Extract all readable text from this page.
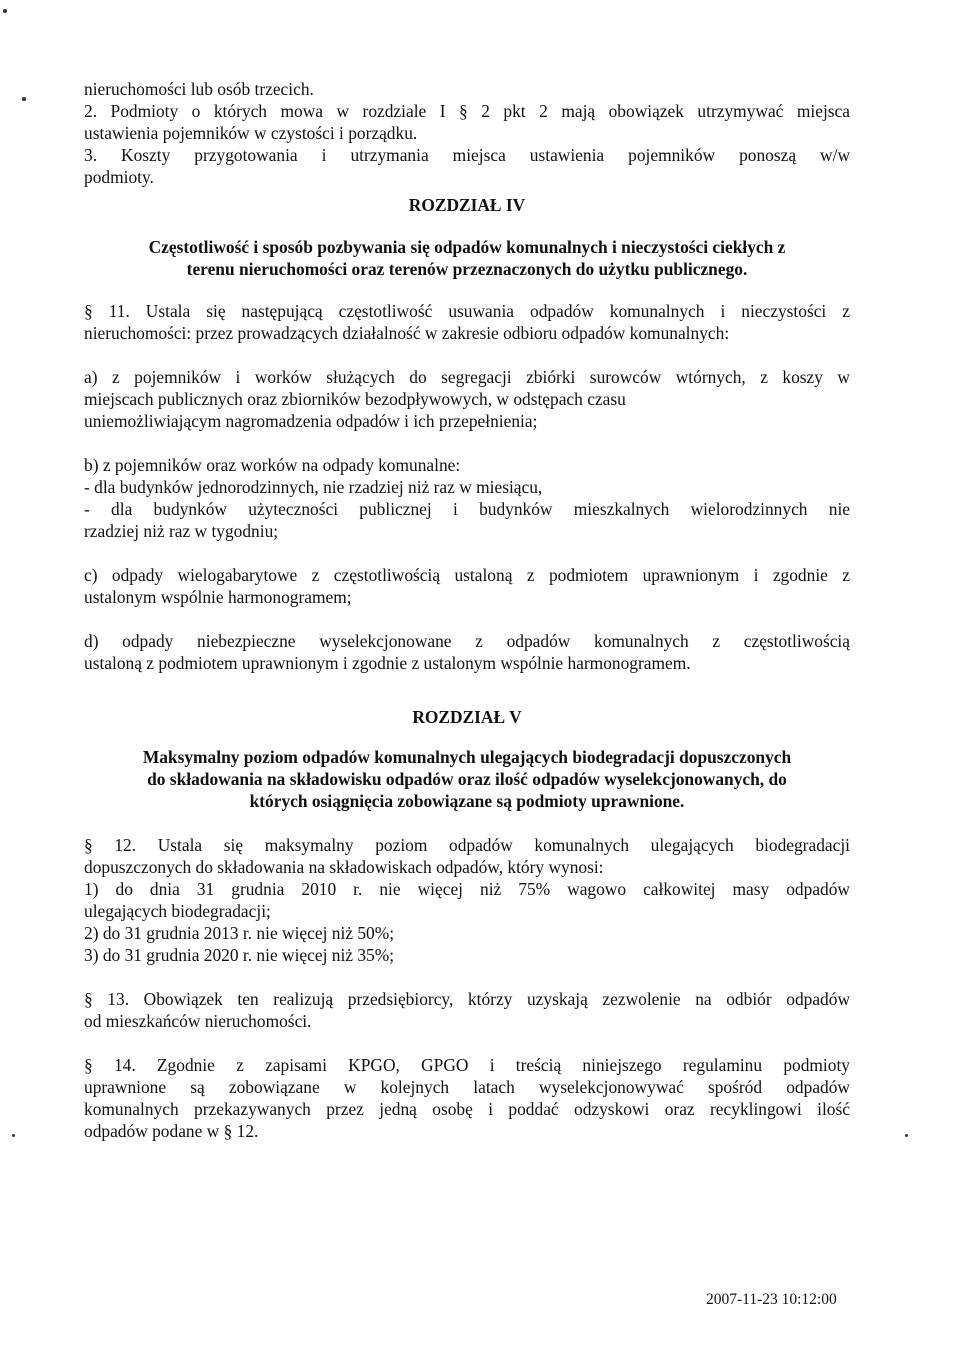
nieruchomości lub osób trzecich.
2. Podmioty o których mowa w rozdziale I § 2 pkt 2 mają obowiązek utrzymywać miejsca
ustawienia pojemników w czystości i porządku.
3. Koszty przygotowania i utrzymania miejsca ustawienia pojemników ponoszą w/w
podmioty.
ROZDZIAŁ IV
Częstotliwość i sposób pozbywania się odpadów komunalnych i nieczystości ciekłych z
terenu nieruchomości oraz terenów przeznaczonych do użytku publicznego.
§ 11. Ustala się następującą częstotliwość usuwania odpadów komunalnych i nieczystości z
nieruchomości: przez prowadzących działalność w zakresie odbioru odpadów komunalnych:
a) z pojemników i worków służących do segregacji zbiórki surowców wtórnych, z koszy w
miejscach publicznych oraz zbiorników bezodpływowych, w odstępach czasu
uniemożliwiającym nagromadzenia odpadów i ich przepełnienia;
b) z pojemników oraz worków na odpady komunalne:
- dla budynków jednorodzinnych, nie rzadziej niż raz w miesiącu,
- dla budynków użyteczności publicznej i budynków mieszkalnych wielorodzinnych nie
rzadziej niż raz w tygodniu;
c) odpady wielogabarytowe z częstotliwością ustaloną z podmiotem uprawnionym i zgodnie z
ustalonym wspólnie harmonogramem;
d) odpady niebezpieczne wyselekcjonowane z odpadów komunalnych z częstotliwością
ustaloną z podmiotem uprawnionym i zgodnie z ustalonym wspólnie harmonogramem.
ROZDZIAŁ V
Maksymalny poziom odpadów komunalnych ulegających biodegradacji dopuszczonych
do składowania na składowisku odpadów oraz ilość odpadów wyselekcjonowanych, do
których osiągnięcia zobowiązane są podmioty uprawnione.
§ 12. Ustala się maksymalny poziom odpadów komunalnych ulegających biodegradacji
dopuszczonych do składowania na składowiskach odpadów, który wynosi:
1) do dnia 31 grudnia 2010 r. nie więcej niż 75% wagowo całkowitej masy odpadów
ulegających biodegradacji;
2) do 31 grudnia 2013 r. nie więcej niż 50%;
3) do 31 grudnia 2020 r. nie więcej niż 35%;
§ 13. Obowiązek ten realizują przedsiębiorcy, którzy uzyskają zezwolenie na odbiór odpadów
od mieszkańców nieruchomości.
§ 14. Zgodnie z zapisami KPGO, GPGO i treścią niniejszego regulaminu podmioty
uprawnione są zobowiązane w kolejnych latach wyselekcjonowywać spośród odpadów
komunalnych przekazywanych przez jedną osobę i poddać odzyskowi oraz recyklingowi ilość
odpadów podane w § 12.
2007-11-23 10:12:00
